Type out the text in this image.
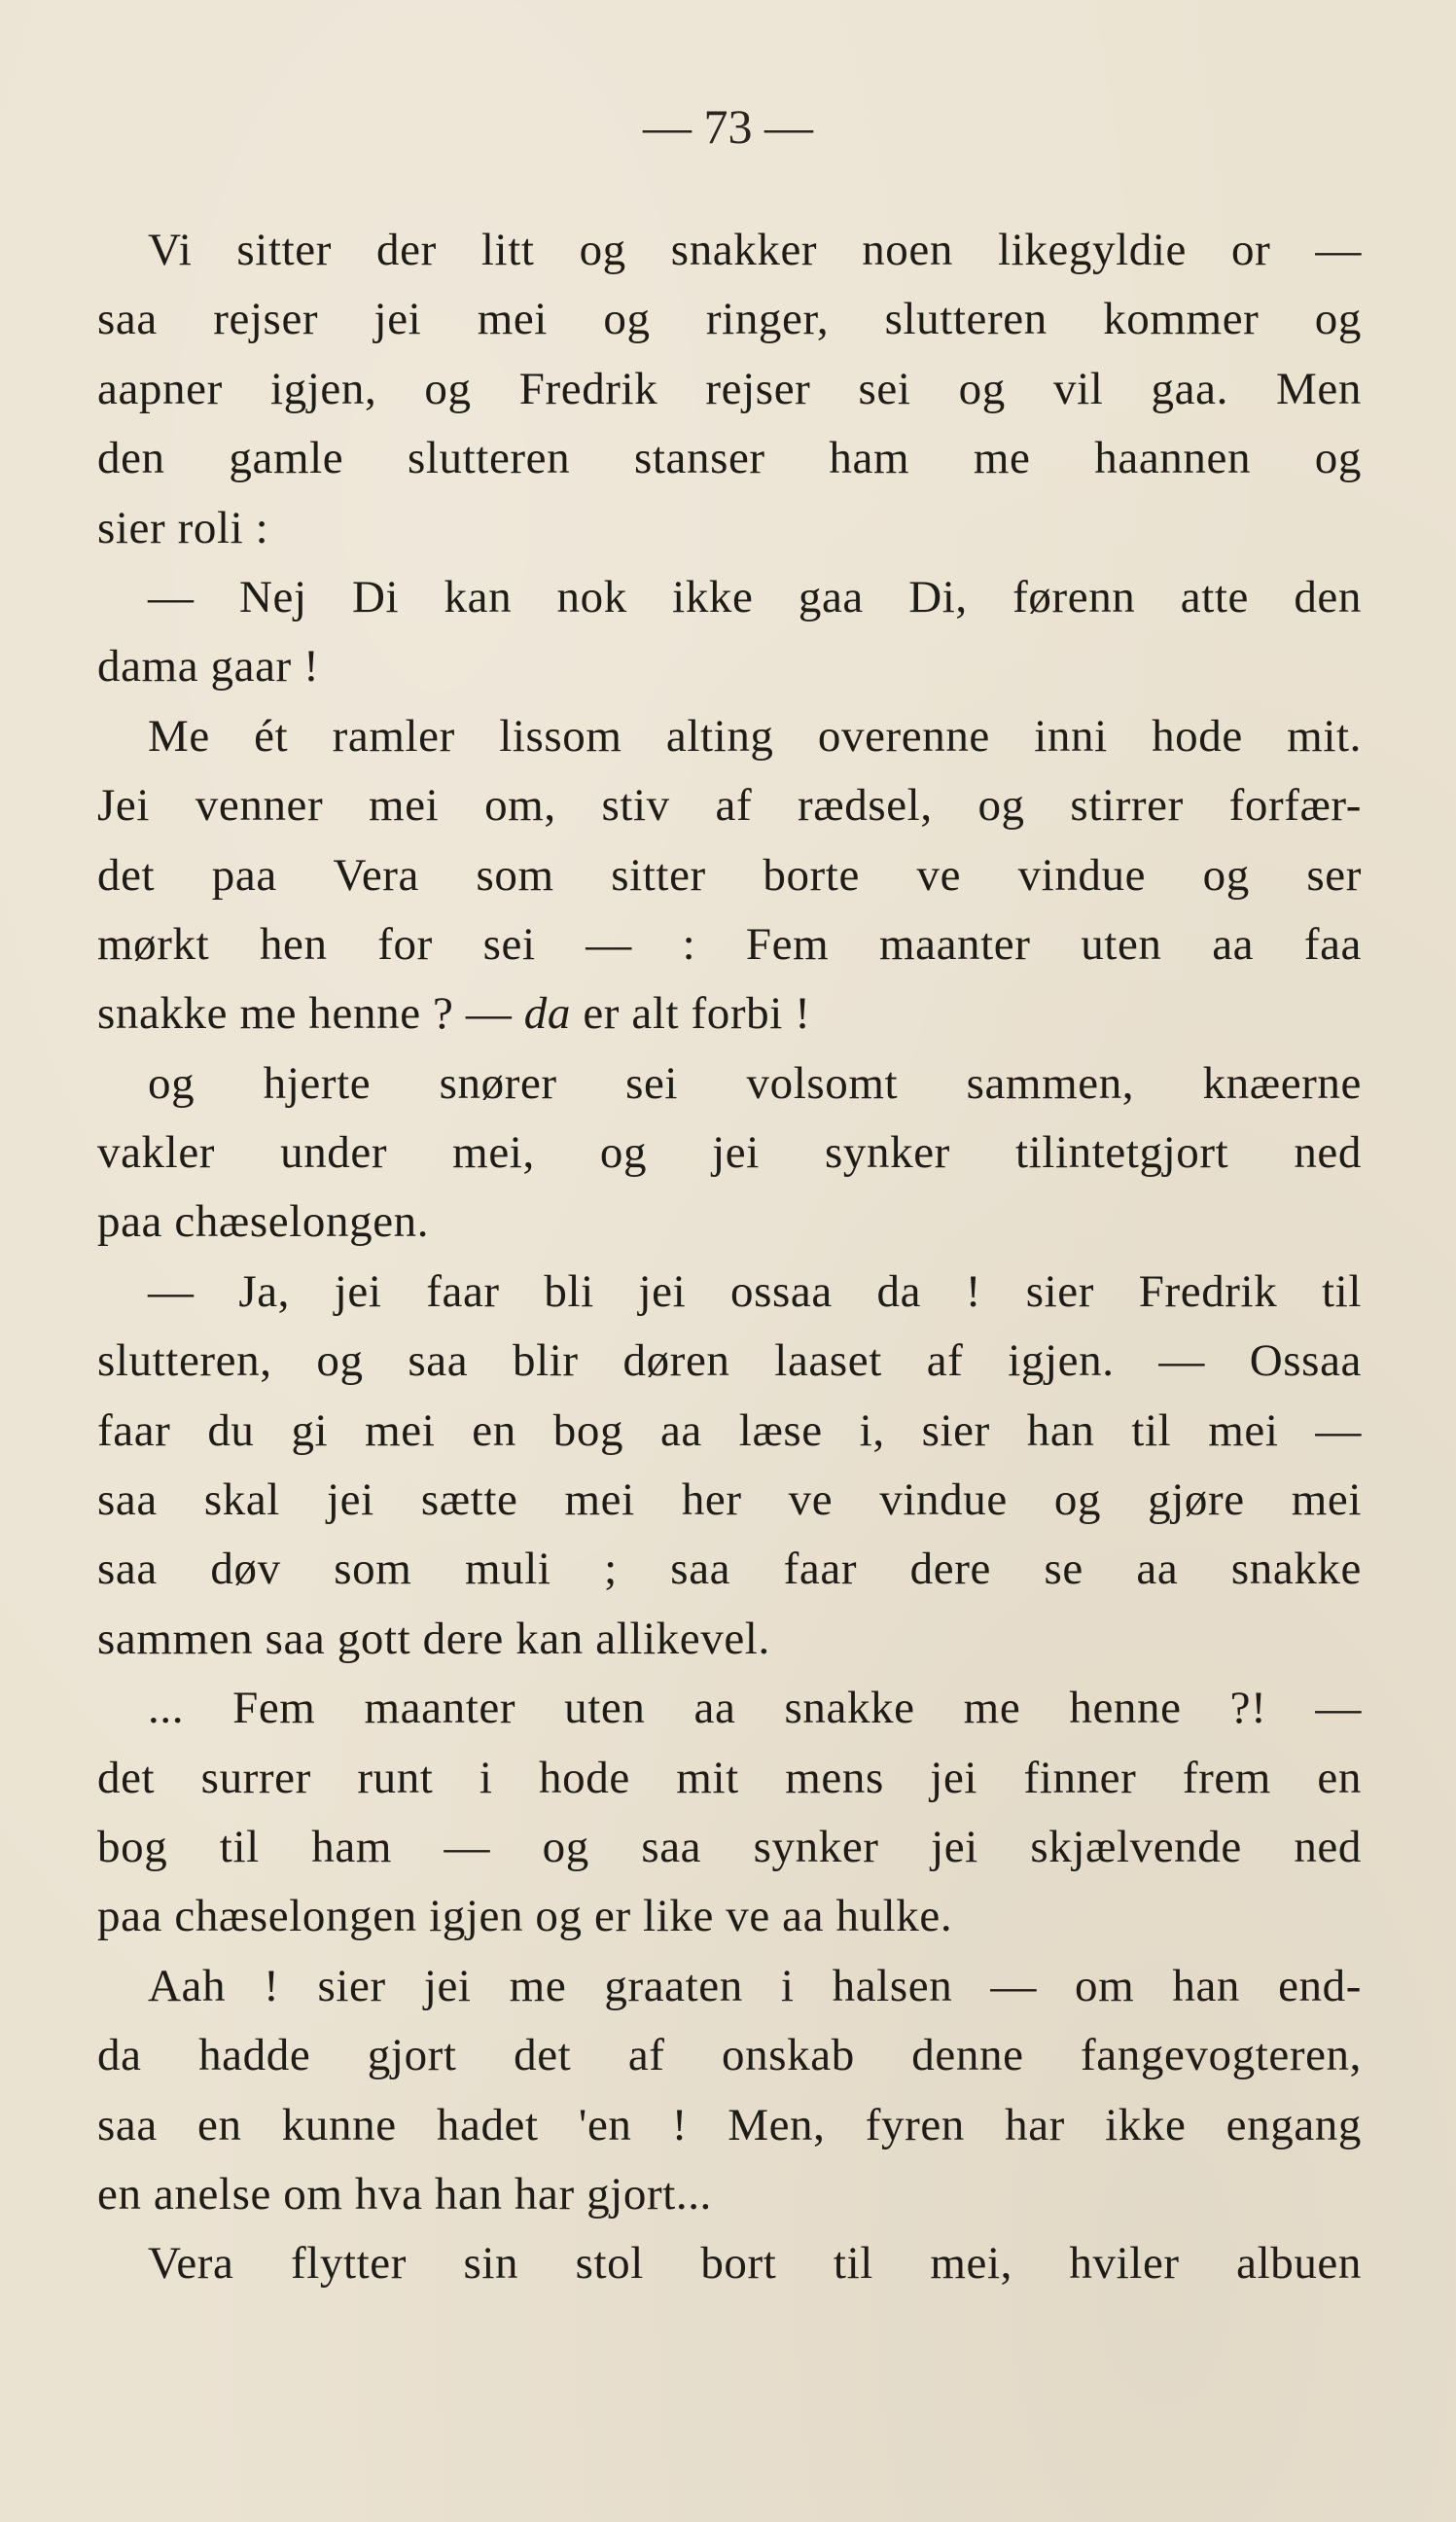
— 73 —
Vi sitter der litt og snakker noen likegyldie or —
saa rejser jei mei og ringer, slutteren kommer og
aapner igjen, og Fredrik rejser sei og vil gaa. Men
den gamle slutteren stanser ham me haannen og
sier roli :
— Nej Di kan nok ikke gaa Di, førenn atte den
dama gaar !
Me ét ramler lissom alting overenne inni hode mit.
Jei venner mei om, stiv af rædsel, og stirrer forfær-
det paa Vera som sitter borte ve vindue og ser
mørkt hen for sei — : Fem maanter uten aa faa
snakke me henne ? — da er alt forbi !
og hjerte snører sei volsomt sammen, knæerne
vakler under mei, og jei synker tilintetgjort ned
paa chæselongen.
— Ja, jei faar bli jei ossaa da ! sier Fredrik til
slutteren, og saa blir døren laaset af igjen. — Ossaa
faar du gi mei en bog aa læse i, sier han til mei —
saa skal jei sætte mei her ve vindue og gjøre mei
saa døv som muli ; saa faar dere se aa snakke
sammen saa gott dere kan allikevel.
... Fem maanter uten aa snakke me henne ?! —
det surrer runt i hode mit mens jei finner frem en
bog til ham — og saa synker jei skjælvende ned
paa chæselongen igjen og er like ve aa hulke.
Aah ! sier jei me graaten i halsen — om han end-
da hadde gjort det af onskab denne fangevogteren,
saa en kunne hadet 'en ! Men, fyren har ikke engang
en anelse om hva han har gjort...
Vera flytter sin stol bort til mei, hviler albuen
